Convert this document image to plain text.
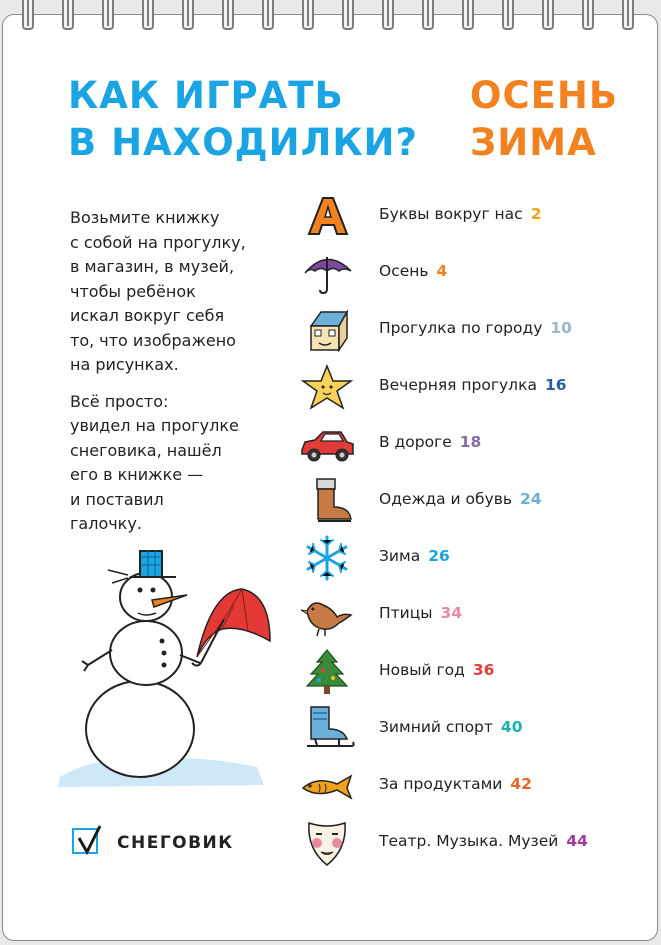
КАК ИГРАТЬ
В НАХОДИЛКИ?
ОСЕНЬ
ЗИМА

Возьмите книжку
с собой на прогулку,
в магазин, в музей,
чтобы ребёнок
искал вокруг себя
то, что изображено
на рисунках.

Всё просто:
увидел на прогулке
снеговика, нашёл
его в книжке —
и поставил
галочку.

СНЕГОВИК
Буквы вокруг нас 2
Осень 4
Прогулка по городу 10
Вечерняя прогулка 16
В дороге 18
Одежда и обувь 24
Зима 26
Птицы 34
Новый год 36
Зимний спорт 40
За продуктами 42
Театр. Музыка. Музей 44
